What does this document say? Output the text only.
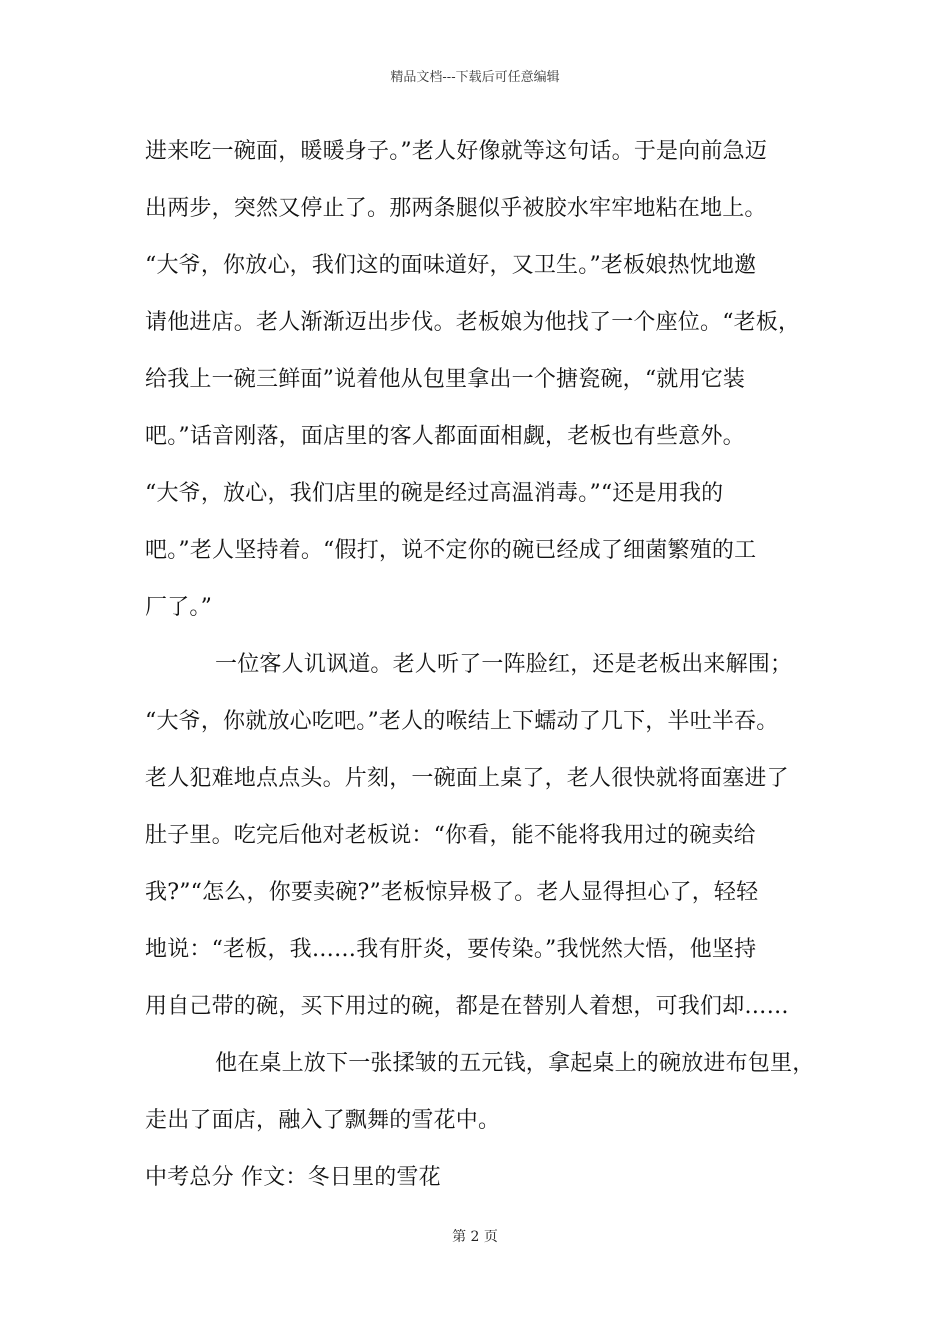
精品文档---下载后可任意编辑
进来吃一碗面，暖暖身子。”老人好像就等这句话。于是向前急迈
出两步，突然又停止了。那两条腿似乎被胶水牢牢地粘在地上。
“大爷，你放心，我们这的面味道好，又卫生。”老板娘热忱地邀
请他进店。老人渐渐迈出步伐。老板娘为他找了一个座位。“老板，
给我上一碗三鲜面”说着他从包里拿出一个搪瓷碗，“就用它装
吧。”话音刚落，面店里的客人都面面相觑，老板也有些意外。
“大爷，放心，我们店里的碗是经过高温消毒。”“还是用我的
吧。”老人坚持着。“假打，说不定你的碗已经成了细菌繁殖的工
厂了。”
一位客人讥讽道。老人听了一阵脸红，还是老板出来解围；
“大爷，你就放心吃吧。”老人的喉结上下蠕动了几下，半吐半吞。
老人犯难地点点头。片刻，一碗面上桌了，老人很快就将面塞进了
肚子里。吃完后他对老板说：“你看，能不能将我用过的碗卖给
我?”“怎么，你要卖碗?”老板惊异极了。老人显得担心了，轻轻
地说：“老板，我……我有肝炎，要传染。”我恍然大悟，他坚持
用自己带的碗，买下用过的碗，都是在替别人着想，可我们却……
他在桌上放下一张揉皱的五元钱，拿起桌上的碗放进布包里，
走出了面店，融入了飘舞的雪花中。
中考总分 作文：冬日里的雪花
第 2 页
